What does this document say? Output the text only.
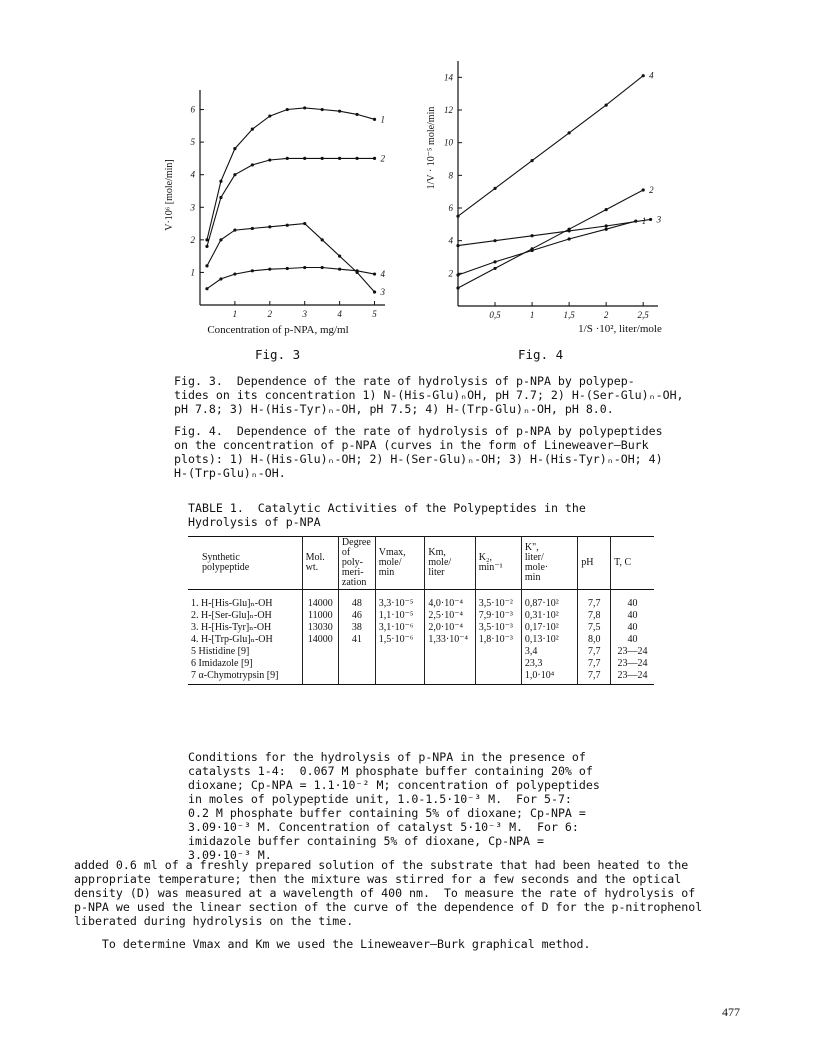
1	2	3	4	5
1
2
3
4
5
6
1
2
3
4
Concentration of p-NPA, mg/ml
V·10⁶ [mole/min]
0,5	1	1,5	2	2,5
2
4
6
8
10
12
14
1
2
3
4
1/S ·10², liter/mole
1/V · 10⁻⁵ mole/min
Fig. 3	Fig. 4
Fig. 3.  Dependence of the rate of hydrolysis of p-NPA by polypep-
tides on its concentration 1) N-(His-Glu)ₙOH, pH 7.7; 2) H-(Ser-Glu)ₙ-OH,
pH 7.8; 3) H-(His-Tyr)ₙ-OH, pH 7.5; 4) H-(Trp-Glu)ₙ-OH, pH 8.0.
Fig. 4.  Dependence of the rate of hydrolysis of p-NPA by polypeptides
on the concentration of p-NPA (curves in the form of Lineweaver—Burk
plots): 1) H-(His-Glu)ₙ-OH; 2) H-(Ser-Glu)ₙ-OH; 3) H-(His-Tyr)ₙ-OH; 4)
H-(Trp-Glu)ₙ-OH.
TABLE 1.  Catalytic Activities of the Polypeptides in the
Hydrolysis of p-NPA
Synthetic
polypeptide	Mol.
wt.	Degree
of
poly-
meri-
zation	Vmax,
mole/
min	Km,
mole/
liter	K₂,
min⁻¹	K",
liter/
mole·
min	pH	T, C
1. H-[His-Glu]ₙ-OH	14000	48	3,3·10⁻⁵	4,0·10⁻⁴	3,5·10⁻²	0,87·10²	7,7	40
2. H-[Ser-Glu]ₙ-OH	11000	46	1,1·10⁻⁵	2,5·10⁻⁴	7,9·10⁻³	0,31·10²	7,8	40
3. H-[His-Tyr]ₙ-OH	13030	38	3,1·10⁻⁶	2,0·10⁻⁴	3,5·10⁻³	0,17·10²	7,5	40
4. H-[Trp-Glu]ₙ-OH	14000	41	1,5·10⁻⁶	1,33·10⁻⁴	1,8·10⁻³	0,13·10²	8,0	40
5 Histidine [9]						3,4	7,7	23—24
6 Imidazole [9]						23,3	7,7	23—24
7 α-Chymotrypsin [9]						1,0·10⁴	7,7	23—24
Conditions for the hydrolysis of p-NPA in the presence of
catalysts 1-4:  0.067 M phosphate buffer containing 20% of
dioxane; Cp-NPA = 1.1·10⁻² M; concentration of polypeptides
in moles of polypeptide unit, 1.0-1.5·10⁻³ M.  For 5-7:
0.2 M phosphate buffer containing 5% of dioxane; Cp-NPA =
3.09·10⁻³ M. Concentration of catalyst 5·10⁻³ M.  For 6:
imidazole buffer containing 5% of dioxane, Cp-NPA =
3.09·10⁻³ M.
added 0.6 ml of a freshly prepared solution of the substrate that had been heated to the
appropriate temperature; then the mixture was stirred for a few seconds and the optical
density (D) was measured at a wavelength of 400 nm.  To measure the rate of hydrolysis of
p-NPA we used the linear section of the curve of the dependence of D for the p-nitrophenol
liberated during hydrolysis on the time.
To determine Vmax and Km we used the Lineweaver—Burk graphical method.
477
